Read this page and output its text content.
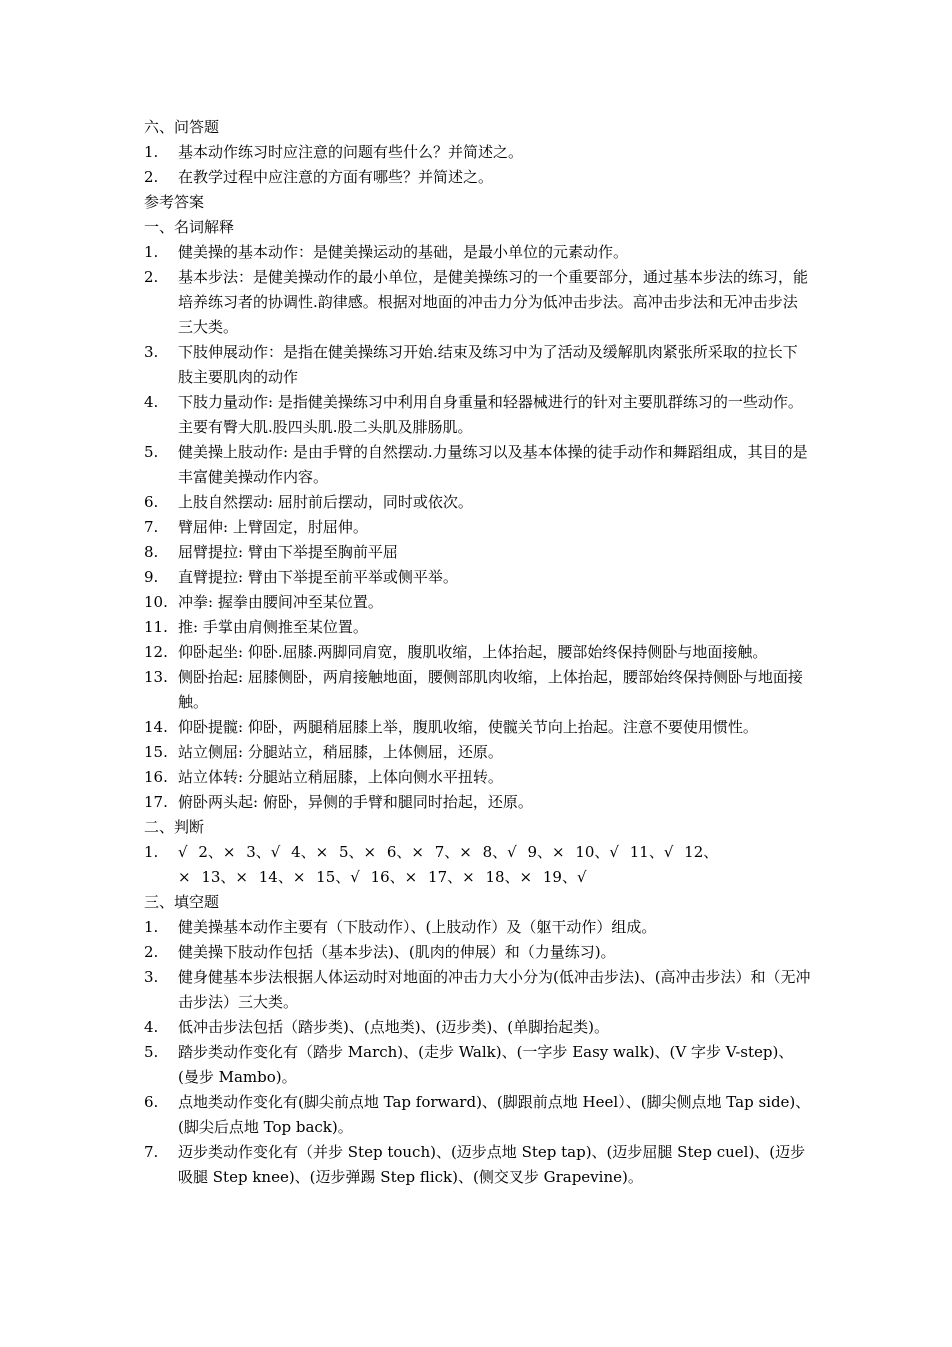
六、问答题
1. 基本动作练习时应注意的问题有些什么？并简述之。
2. 在教学过程中应注意的方面有哪些？并简述之。
参考答案
一、名词解释
1. 健美操的基本动作：是健美操运动的基础，是最小单位的元素动作。
2. 基本步法：是健美操动作的最小单位，是健美操练习的一个重要部分，通过基本步法的练习，能培养练习者的协调性.韵律感。根据对地面的冲击力分为低冲击步法。高冲击步法和无冲击步法三大类。
3. 下肢伸展动作：是指在健美操练习开始.结束及练习中为了活动及缓解肌肉紧张所采取的拉长下肢主要肌肉的动作
4. 下肢力量动作: 是指健美操练习中利用自身重量和轻器械进行的针对主要肌群练习的一些动作。主要有臀大肌.股四头肌.股二头肌及腓肠肌。
5. 健美操上肢动作: 是由手臂的自然摆动.力量练习以及基本体操的徒手动作和舞蹈组成，其目的是丰富健美操动作内容。
6. 上肢自然摆动: 屈肘前后摆动，同时或依次。
7. 臂屈伸: 上臂固定，肘屈伸。
8. 屈臂提拉: 臂由下举提至胸前平屈
9. 直臂提拉: 臂由下举提至前平举或侧平举。
10. 冲拳: 握拳由腰间冲至某位置。
11. 推: 手掌由肩侧推至某位置。
12. 仰卧起坐: 仰卧.屈膝.两脚同肩宽，腹肌收缩，上体抬起，腰部始终保持侧卧与地面接触。
13. 侧卧抬起: 屈膝侧卧，两肩接触地面，腰侧部肌肉收缩，上体抬起，腰部始终保持侧卧与地面接触。
14. 仰卧提髋: 仰卧，两腿稍屈膝上举，腹肌收缩，使髋关节向上抬起。注意不要使用惯性。
15. 站立侧屈: 分腿站立，稍屈膝，上体侧屈，还原。
16. 站立体转: 分腿站立稍屈膝，上体向侧水平扭转。
17. 俯卧两头起: 俯卧，异侧的手臂和腿同时抬起，还原。
二、判断
1. √ 2、× 3、√ 4、× 5、× 6、× 7、× 8、√ 9、× 10、√ 11、√ 12、
× 13、× 14、× 15、√ 16、× 17、× 18、× 19、√
三、填空题
1. 健美操基本动作主要有（下肢动作）、(上肢动作）及（躯干动作）组成。
2. 健美操下肢动作包括（基本步法)、(肌肉的伸展）和（力量练习)。
3. 健身健基本步法根据人体运动时对地面的冲击力大小分为(低冲击步法)、(高冲击步法）和（无冲击步法）三大类。
4. 低冲击步法包括（踏步类)、(点地类)、(迈步类)、(单脚抬起类)。
5. 踏步类动作变化有（踏步 March)、(走步 Walk)、(一字步 Easy walk)、(V 字步 V-step)、(曼步 Mambo)。
6. 点地类动作变化有(脚尖前点地 Tap forward)、(脚跟前点地 Heel）、(脚尖侧点地 Tap side)、(脚尖后点地 Top back)。
7. 迈步类动作变化有（并步 Step touch)、(迈步点地 Step tap)、(迈步屈腿 Step cuel)、(迈步吸腿 Step knee)、(迈步弹踢 Step flick)、(侧交叉步 Grapevine)。
